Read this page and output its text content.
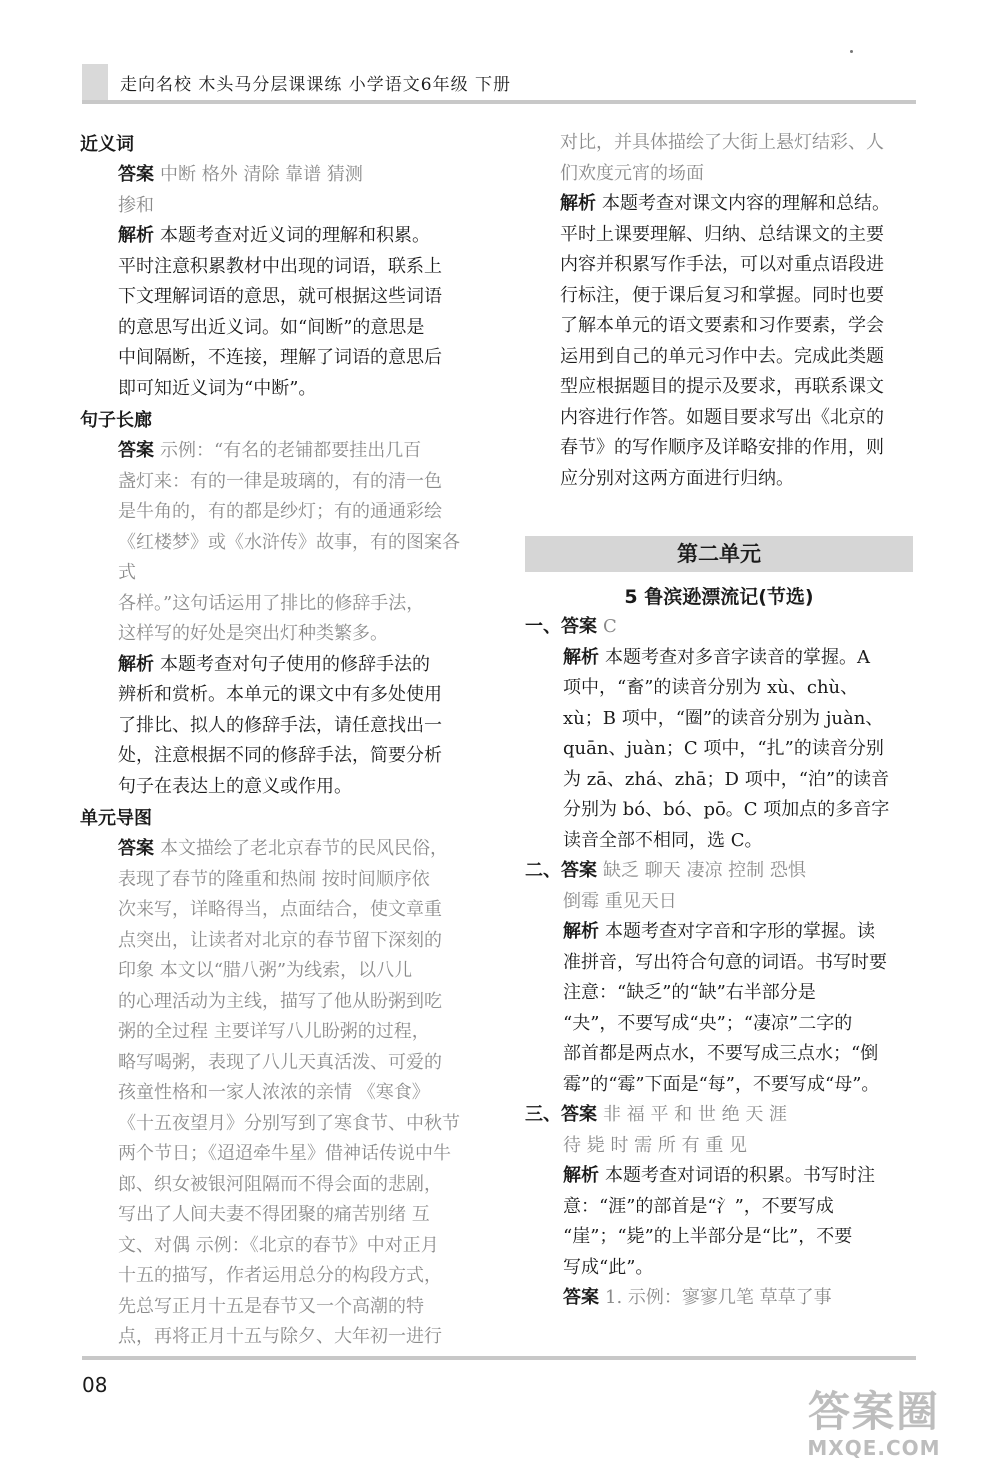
走向名校 木头马分层课课练 小学语文6年级 下册

近义词

答案 中断 格外 清除 靠谱 猜测

掺和

解析 本题考查对近义词的理解和积累。

平时注意积累教材中出现的词语，联系上

下文理解词语的意思，就可根据这些词语

的意思写出近义词。如“间断”的意思是

中间隔断，不连接，理解了词语的意思后

即可知近义词为“中断”。

句子长廊

答案 示例：“有名的老铺都要挂出几百

盏灯来：有的一律是玻璃的，有的清一色

是牛角的，有的都是纱灯；有的通通彩绘

《红楼梦》或《水浒传》故事，有的图案各式

各样。”这句话运用了排比的修辞手法，

这样写的好处是突出灯种类繁多。

解析 本题考查对句子使用的修辞手法的

辨析和赏析。本单元的课文中有多处使用

了排比、拟人的修辞手法，请任意找出一

处，注意根据不同的修辞手法，简要分析

句子在表达上的意义或作用。

单元导图

答案 本文描绘了老北京春节的民风民俗，

表现了春节的隆重和热闹 按时间顺序依

次来写，详略得当，点面结合，使文章重

点突出，让读者对北京的春节留下深刻的

印象 本文以“腊八粥”为线索，以八儿

的心理活动为主线，描写了他从盼粥到吃

粥的全过程 主要详写八儿盼粥的过程，

略写喝粥，表现了八儿天真活泼、可爱的

孩童性格和一家人浓浓的亲情 《寒食》

《十五夜望月》分别写到了寒食节、中秋节

两个节日；《迢迢牵牛星》借神话传说中牛

郎、织女被银河阻隔而不得会面的悲剧，

写出了人间夫妻不得团聚的痛苦别绪 互

文、对偶 示例：《北京的春节》中对正月

十五的描写，作者运用总分的构段方式，

先总写正月十五是春节又一个高潮的特

点，再将正月十五与除夕、大年初一进行

对比，并具体描绘了大街上悬灯结彩、人

们欢度元宵的场面

解析 本题考查对课文内容的理解和总结。

平时上课要理解、归纳、总结课文的主要

内容并积累写作手法，可以对重点语段进

行标注，便于课后复习和掌握。同时也要

了解本单元的语文要素和习作要素，学会

运用到自己的单元习作中去。完成此类题

型应根据题目的提示及要求，再联系课文

内容进行作答。如题目要求写出《北京的

春节》的写作顺序及详略安排的作用，则

应分别对这两方面进行归纳。

第二单元
5 鲁滨逊漂流记(节选)

一、答案 C

解析 本题考查对多音字读音的掌握。A

项中，“畜”的读音分别为 xù、chù、

xù；B 项中，“圈”的读音分别为 juàn、

quān、juàn；C 项中，“扎”的读音分别

为 zā、zhá、zhā；D 项中，“泊”的读音

分别为 bó、bó、pō。C 项加点的多音字

读音全部不相同，选 C。

二、答案 缺乏 聊天 凄凉 控制 恐惧

倒霉 重见天日

解析 本题考查对字音和字形的掌握。读

准拼音，写出符合句意的词语。书写时要

注意：“缺乏”的“缺”右半部分是

“夬”，不要写成“央”；“凄凉”二字的

部首都是两点水，不要写成三点水；“倒

霉”的“霉”下面是“每”，不要写成“母”。

三、答案 非 福 平 和 世 绝 天 涯

待 毙 时 需 所 有 重 见

解析 本题考查对词语的积累。书写时注

意：“涯”的部首是“氵”，不要写成

“崖”；“毙”的上半部分是“比”，不要

写成“此”。

答案 1. 示例：寥寥几笔 草草了事

08
答案圈
MXQE.COM
